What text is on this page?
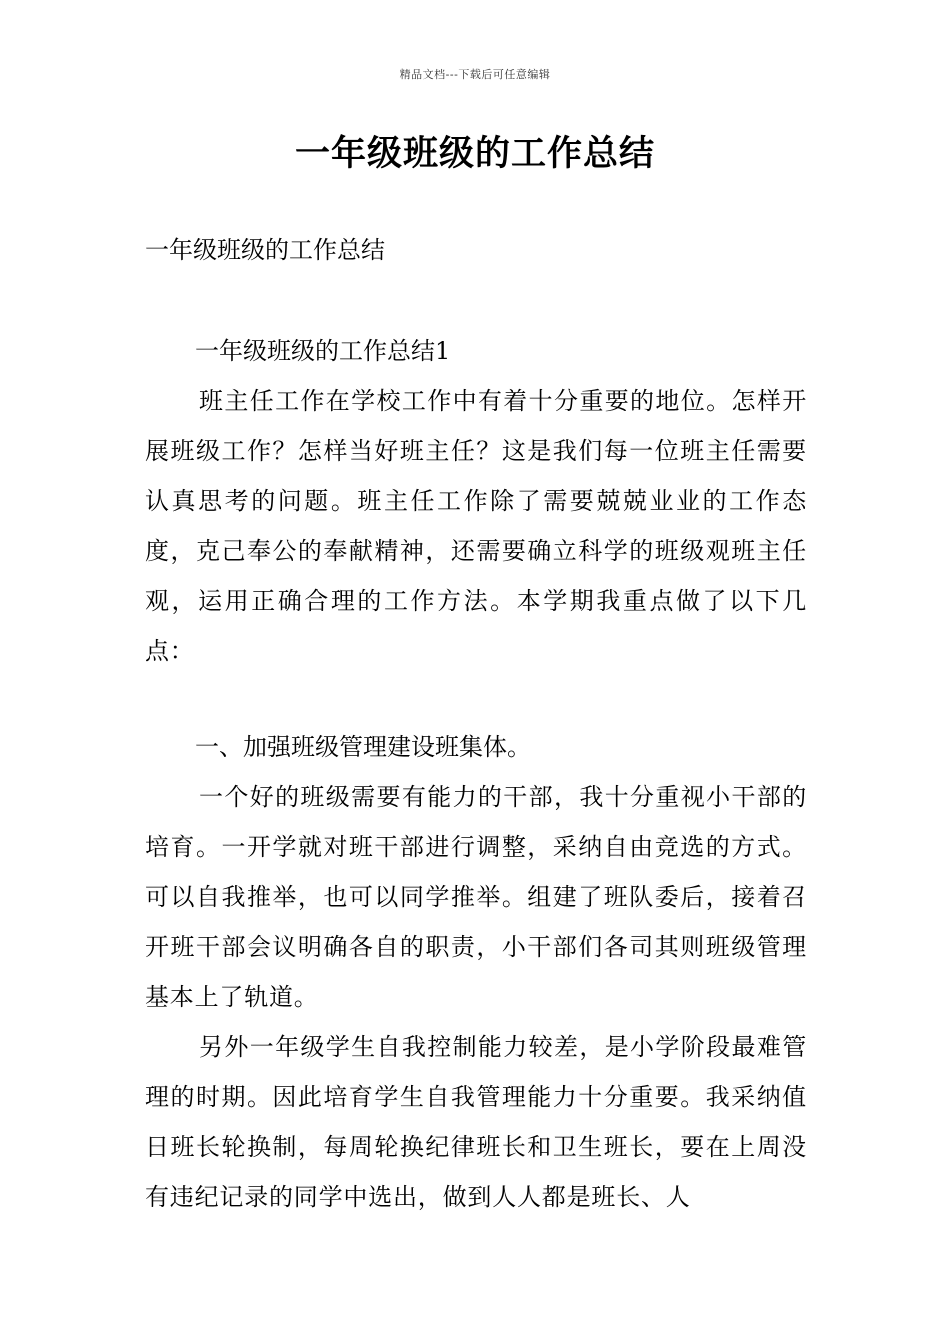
精品文档---下载后可任意编辑
一年级班级的工作总结

一年级班级的工作总结

一年级班级的工作总结1

班主任工作在学校工作中有着十分重要的地位。怎样开展班级工作？怎样当好班主任？这是我们每一位班主任需要认真思考的问题。班主任工作除了需要兢兢业业的工作态度，克己奉公的奉献精神，还需要确立科学的班级观班主任观，运用正确合理的工作方法。本学期我重点做了以下几点：

一、加强班级管理建设班集体。

一个好的班级需要有能力的干部，我十分重视小干部的培育。一开学就对班干部进行调整，采纳自由竞选的方式。可以自我推举，也可以同学推举。组建了班队委后，接着召开班干部会议明确各自的职责，小干部们各司其则班级管理基本上了轨道。

另外一年级学生自我控制能力较差，是小学阶段最难管理的时期。因此培育学生自我管理能力十分重要。我采纳值日班长轮换制，每周轮换纪律班长和卫生班长，要在上周没有违纪记录的同学中选出，做到人人都是班长、人
